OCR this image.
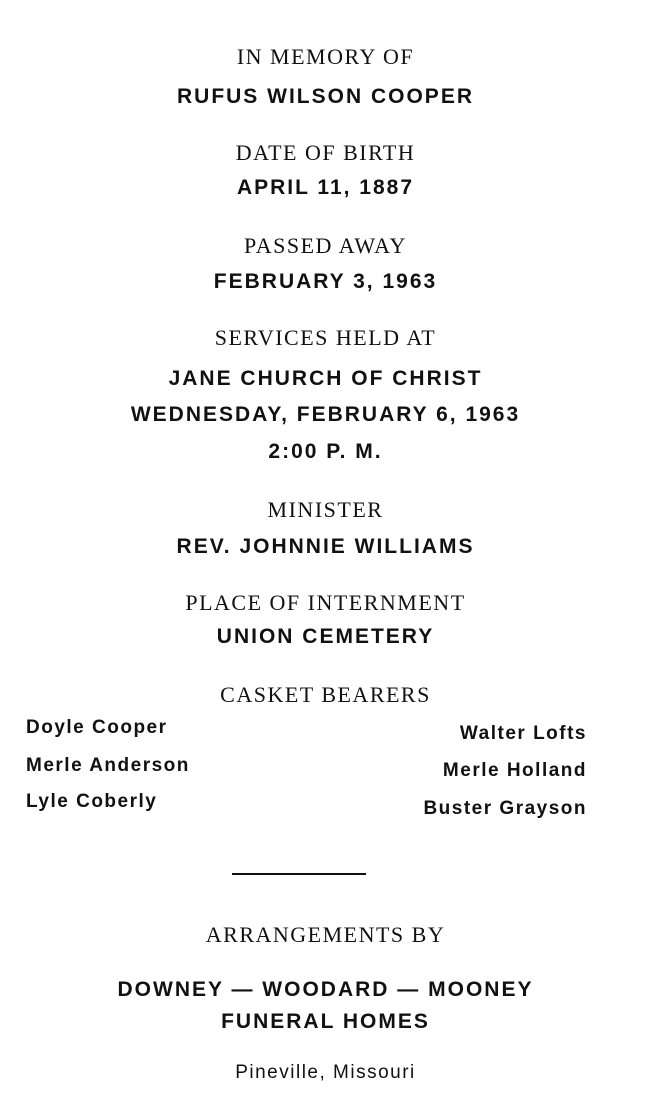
IN MEMORY OF
RUFUS WILSON COOPER
DATE OF BIRTH
APRIL 11, 1887
PASSED AWAY
FEBRUARY 3, 1963
SERVICES HELD AT
JANE CHURCH OF CHRIST
WEDNESDAY, FEBRUARY 6, 1963
2:00 P. M.
MINISTER
REV. JOHNNIE WILLIAMS
PLACE OF INTERNMENT
UNION CEMETERY
CASKET BEARERS
Doyle Cooper
Merle Anderson
Lyle Coberly
Walter Lofts
Merle Holland
Buster Grayson
ARRANGEMENTS BY
DOWNEY — WOODARD — MOONEY
FUNERAL HOMES
Pineville, Missouri
